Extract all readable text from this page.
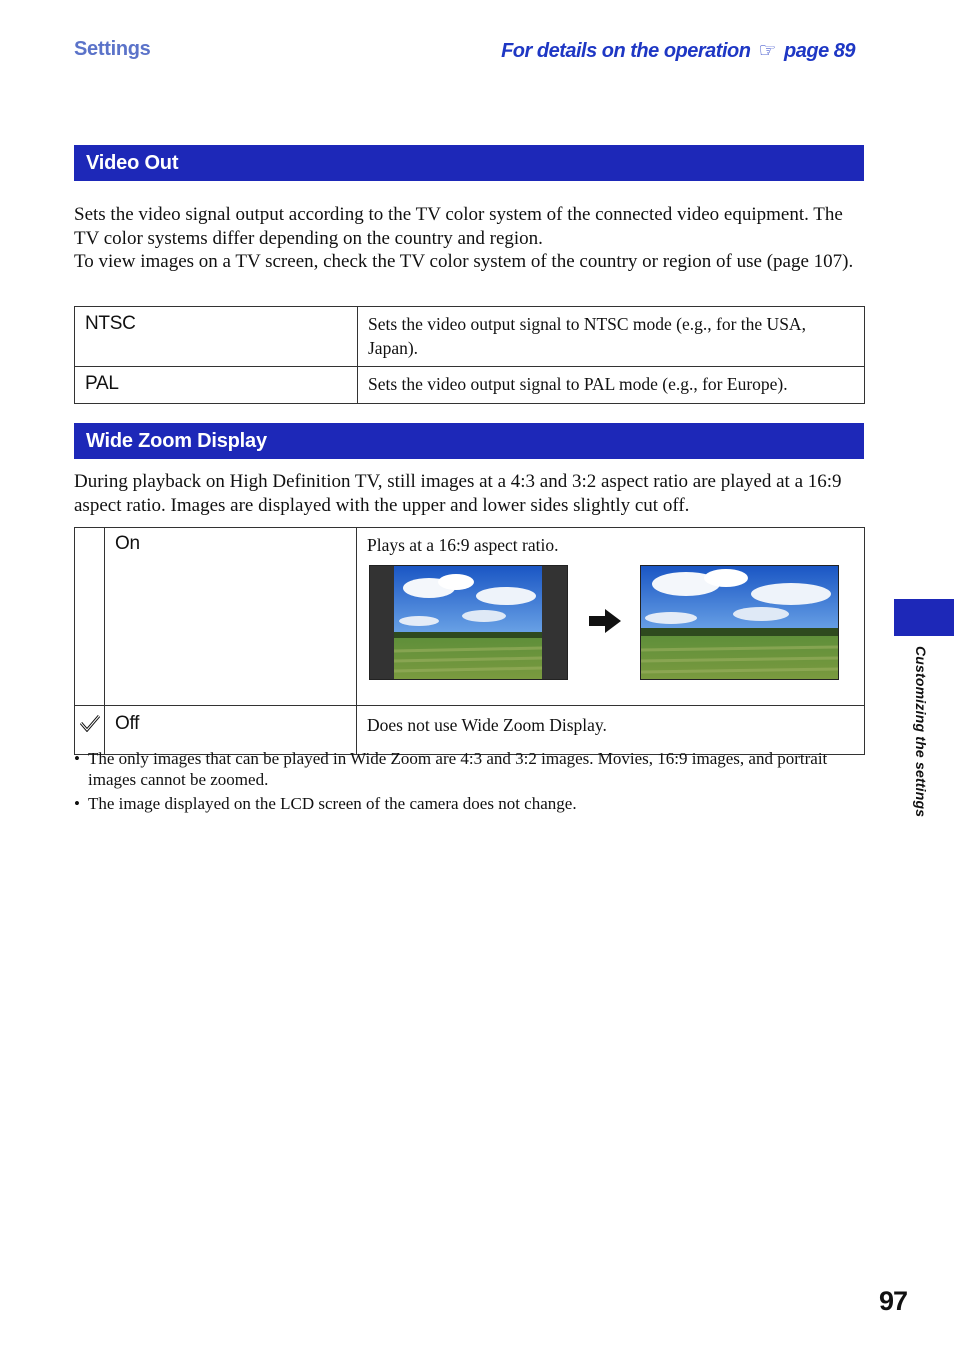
Settings	For details on the operation ☞ page 89
Video Out

Sets the video signal output according to the TV color system of the connected video equipment. The TV color systems differ depending on the country and region.

To view images on a TV screen, check the TV color system of the country or region of use (page 107).

NTSC	Sets the video output signal to NTSC mode (e.g., for the USA, Japan).
PAL	Sets the video output signal to PAL mode (e.g., for Europe).
Wide Zoom Display

During playback on High Definition TV, still images at a 4:3 and 3:2 aspect ratio are played at a 16:9 aspect ratio. Images are displayed with the upper and lower sides slightly cut off.

	On	Plays at a 16:9 aspect ratio.

	Off	Does not use Wide Zoom Display.
• The only images that can be played in Wide Zoom are 4:3 and 3:2 images. Movies, 16:9 images, and portrait images cannot be zoomed.
• The image displayed on the LCD screen of the camera does not change.	Customizing the settings
97
